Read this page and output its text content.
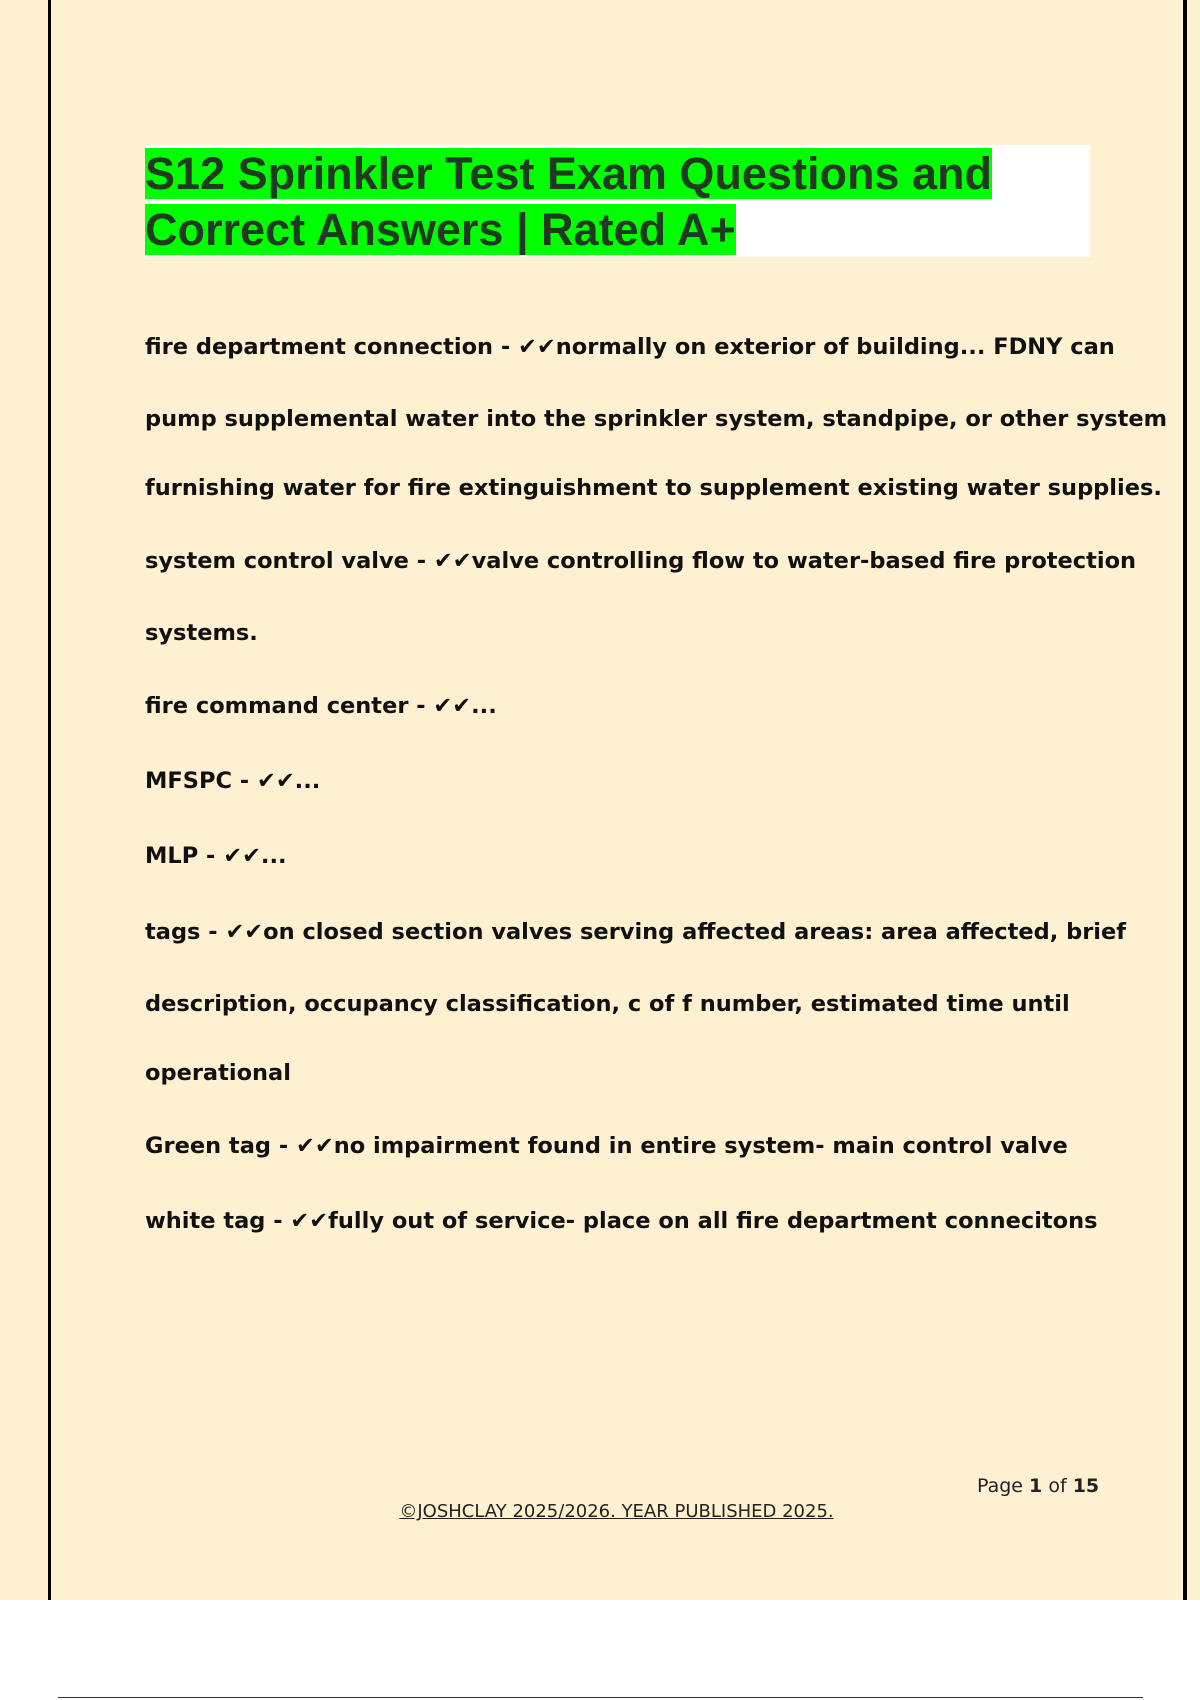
S12 Sprinkler Test Exam Questions and Correct Answers | Rated A+

fire department connection - ✔✔normally on exterior of building... FDNY can

pump supplemental water into the sprinkler system, standpipe, or other system

furnishing water for fire extinguishment to supplement existing water supplies.

system control valve - ✔✔valve controlling flow to water-based fire protection

systems.

fire command center - ✔✔...

MFSPC - ✔✔...

MLP - ✔✔...

tags - ✔✔on closed section valves serving affected areas: area affected, brief

description, occupancy classification, c of f number, estimated time until

operational

Green tag - ✔✔no impairment found in entire system- main control valve

white tag - ✔✔fully out of service- place on all fire department connecitons

Page 1 of 15
©JOSHCLAY 2025/2026. YEAR PUBLISHED 2025.
